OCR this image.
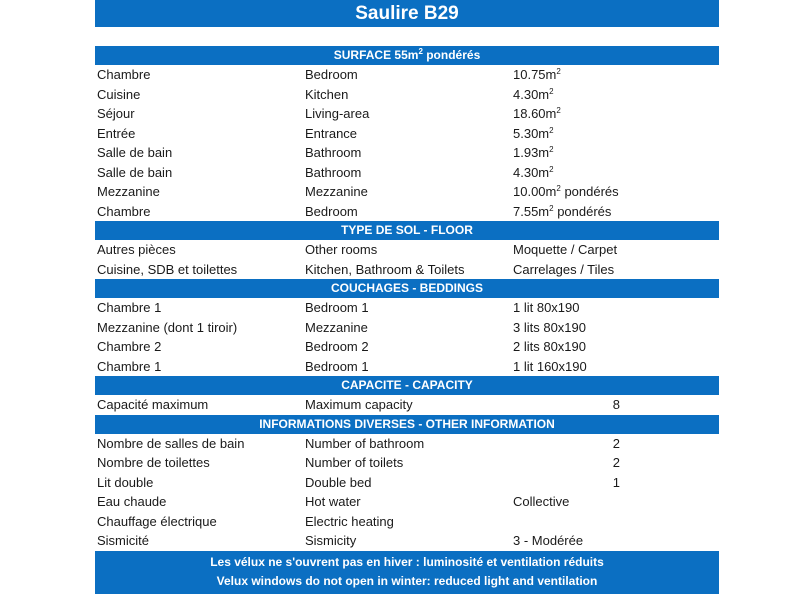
Saulire B29
SURFACE $55m^2$ pondérés
Chambre	Bedroom	$10.75m^2$
Cuisine	Kitchen	$4.30m^2$
Séjour	Living-area	$18.60m^2$
Entrée	Entrance	$5.30m^2$
Salle de bain	Bathroom	$1.93m^2$
Salle de bain	Bathroom	$4.30m^2$
Mezzanine	Mezzanine	$10.00m^2$ pondérés
Chambre	Bedroom	$7.55m^2$ pondérés
TYPE DE SOL - FLOOR
Autres pièces	Other rooms	Moquette / Carpet
Cuisine, SDB et toilettes	Kitchen, Bathroom & Toilets	Carrelages / Tiles
COUCHAGES - BEDDINGS
Chambre 1	Bedroom 1	1 lit 80x190
Mezzanine (dont 1 tiroir)	Mezzanine	3 lits 80x190
Chambre 2	Bedroom 2	2 lits 80x190
Chambre 1	Bedroom 1	1 lit 160x190
CAPACITE - CAPACITY
Capacité maximum	Maximum capacity	8
INFORMATIONS DIVERSES - OTHER INFORMATION
Nombre de salles de bain	Number of bathroom	2
Nombre de toilettes	Number of toilets	2
Lit double	Double bed	1
Eau chaude	Hot water	Collective
Chauffage électrique	Electric heating
Sismicité	Sismicity	3 - Modérée
Les vélux ne s'ouvrent pas en hiver : luminosité et ventilation réduits
Velux windows do not open in winter: reduced light and ventilation
